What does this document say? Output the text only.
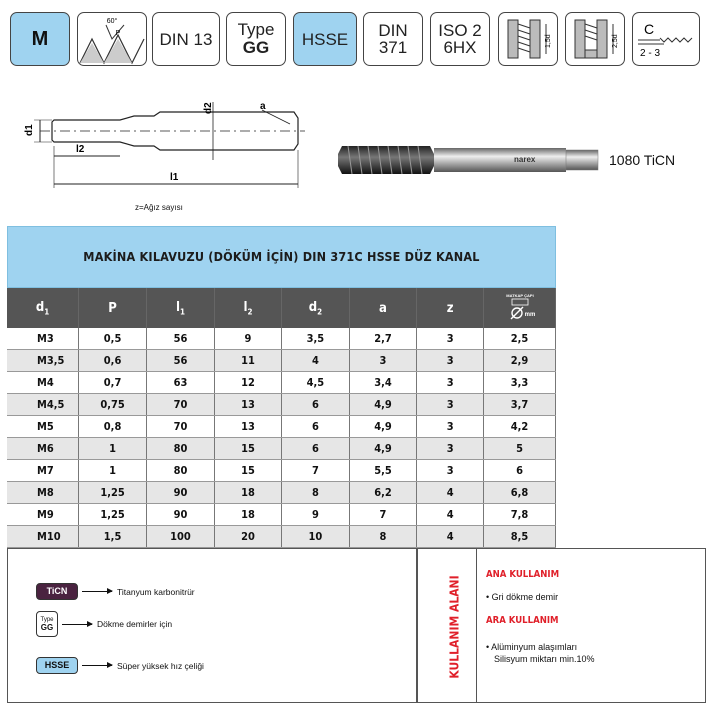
M
60°
P DIN 13
Type
GG HSSE DIN
371
ISO 2
6HX	1,5d	2,5d
C
2 - 3
d1
d2	a
l2
l1
z=Ağız sayısı
narex	1080 TiCN
MAKİNA KILAVUZU (DÖKÜM İÇİN) DIN 371C HSSE DÜZ KANAL
$d_1$	P	$l_1$	$l_2$	$d_2$	a	z	MATKAP ÇAPI
mm

M3	0,5	56	9	3,5	2,7	3	2,5
M3,5	0,6	56	11	4	3	3	2,9
M4	0,7	63	12	4,5	3,4	3	3,3
M4,5	0,75	70	13	6	4,9	3	3,7
M5	0,8	70	13	6	4,9	3	4,2
M6	1	80	15	6	4,9	3	5
M7	1	80	15	7	5,5	3	6
M8	1,25	90	18	8	6,2	4	6,8
M9	1,25	90	18	9	7	4	7,8
M10	1,5	100	20	10	8	4	8,5
TiCN	Titanyum karbonitrür
Type
GG	Dökme demirler için
HSSE	Süper yüksek hız çeliği	KULLANIM ALANI
ANA KULLANIM
• Gri dökme demir
ARA KULLANIM
• Alüminyum alaşımları
Silisyum miktarı min.10%
